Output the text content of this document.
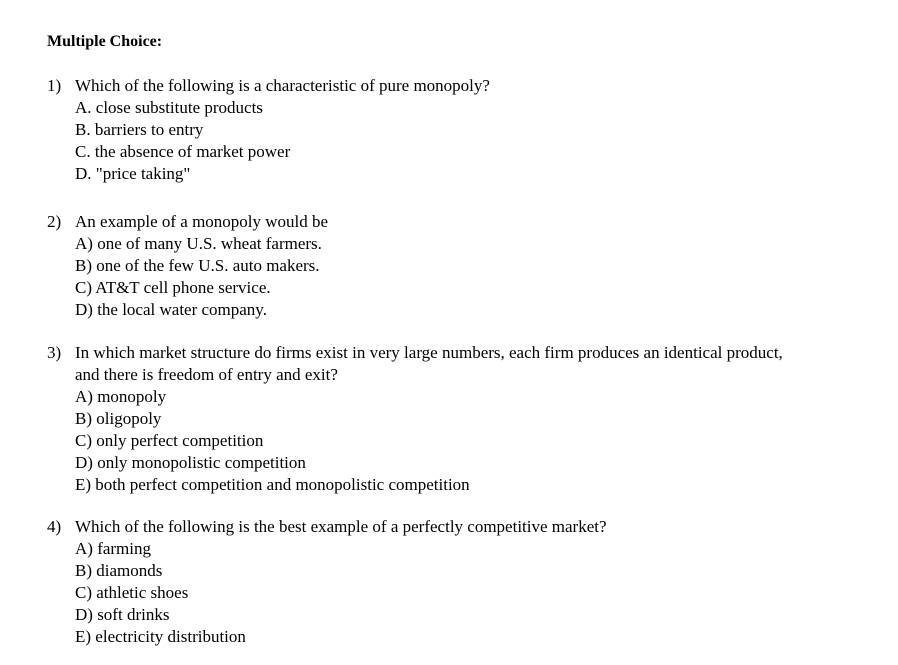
Multiple Choice:
1) Which of the following is a characteristic of pure monopoly?
A. close substitute products
B. barriers to entry
C. the absence of market power
D. "price taking"
2) An example of a monopoly would be
A) one of many U.S. wheat farmers.
B) one of the few U.S. auto makers.
C) AT&T cell phone service.
D) the local water company.
3) In which market structure do firms exist in very large numbers, each firm produces an identical product,
and there is freedom of entry and exit?
A) monopoly
B) oligopoly
C) only perfect competition
D) only monopolistic competition
E) both perfect competition and monopolistic competition
4) Which of the following is the best example of a perfectly competitive market?
A) farming
B) diamonds
C) athletic shoes
D) soft drinks
E) electricity distribution
